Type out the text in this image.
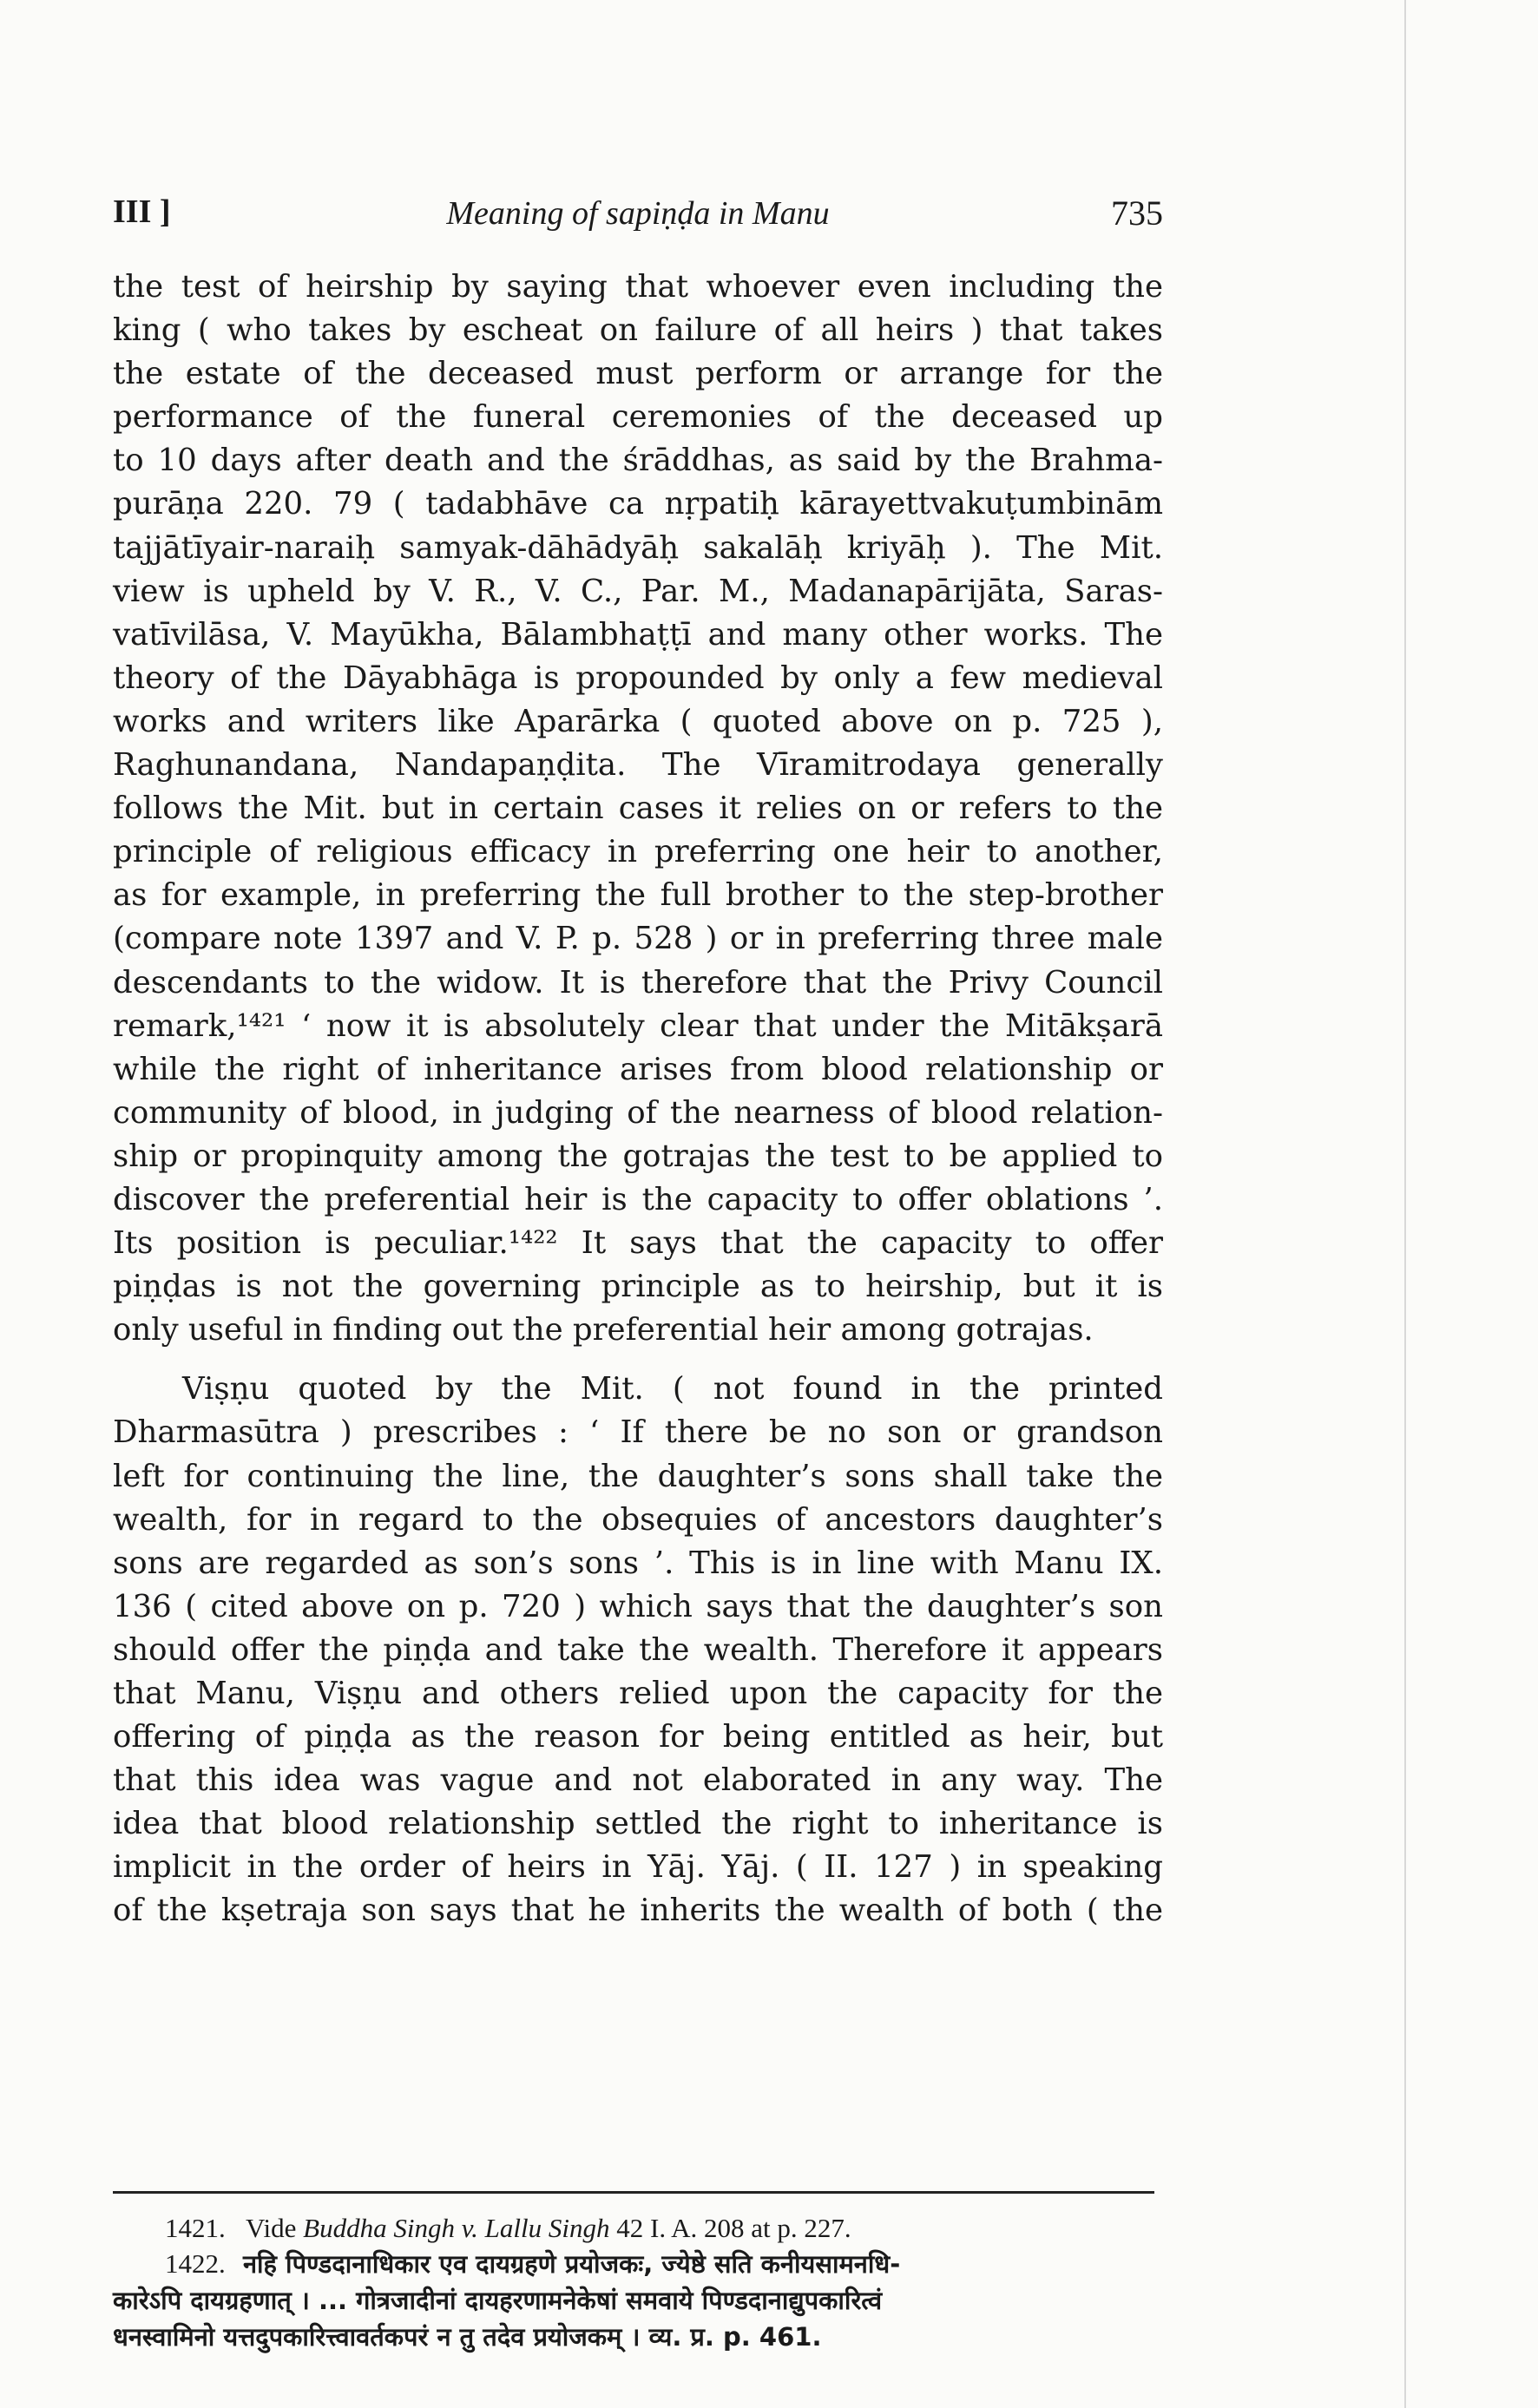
III ]	Meaning of sapiṇḍa in Manu	735
the test of heirship by saying that whoever even including the
king ( who takes by escheat on failure of all heirs ) that takes
the estate of the deceased must perform or arrange for the
performance of the funeral ceremonies of the deceased up
to 10 days after death and the śrāddhas, as said by the Brahma-
purāṇa 220. 79 ( tadabhāve ca nṛpatiḥ kārayettvakuṭumbinām
tajjātīyair-naraiḥ samyak-dāhādyāḥ sakalāḥ kriyāḥ ). The Mit.
view is upheld by V. R., V. C., Par. M., Madanapārijāta, Saras-
vatīvilāsa, V. Mayūkha, Bālambhaṭṭī and many other works. The
theory of the Dāyabhāga is propounded by only a few medieval
works and writers like Aparārka ( quoted above on p. 725 ),
Raghunandana, Nandapaṇḍita. The Vīramitrodaya generally
follows the Mit. but in certain cases it relies on or refers to the
principle of religious efficacy in preferring one heir to another,
as for example, in preferring the full brother to the step-brother
(compare note 1397 and V. P. p. 528 ) or in preferring three male
descendants to the widow. It is therefore that the Privy Council
remark,¹⁴²¹ ‘ now it is absolutely clear that under the Mitākṣarā
while the right of inheritance arises from blood relationship or
community of blood, in judging of the nearness of blood relation-
ship or propinquity among the gotrajas the test to be applied to
discover the preferential heir is the capacity to offer oblations ’.
Its position is peculiar.¹⁴²² It says that the capacity to offer
piṇḍas is not the governing principle as to heirship, but it is
only useful in finding out the preferential heir among gotrajas.
Viṣṇu quoted by the Mit. ( not found in the printed
Dharmasūtra ) prescribes : ‘ If there be no son or grandson
left for continuing the line, the daughter’s sons shall take the
wealth, for in regard to the obsequies of ancestors daughter’s
sons are regarded as son’s sons ’. This is in line with Manu IX.
136 ( cited above on p. 720 ) which says that the daughter’s son
should offer the piṇḍa and take the wealth. Therefore it appears
that Manu, Viṣṇu and others relied upon the capacity for the
offering of piṇḍa as the reason for being entitled as heir, but
that this idea was vague and not elaborated in any way. The
idea that blood relationship settled the right to inheritance is
implicit in the order of heirs in Yāj. Yāj. ( II. 127 ) in speaking
of the kṣetraja son says that he inherits the wealth of both ( the
1421. Vide Buddha Singh v. Lallu Singh 42 I. A. 208 at p. 227.
1422. नहि पिण्डदानाधिकार एव दायग्रहणे प्रयोजकः, ज्येष्ठे सति कनीयसामनधि-
कारेऽपि दायग्रहणात् । ... गोत्रजादीनां दायहरणामनेकेषां समवाये पिण्डदानाद्युपकारित्वं
धनस्वामिनो यत्तदुपकारित्त्वावर्तकपरं न तु तदेव प्रयोजकम् । व्य. प्र. p. 461.
